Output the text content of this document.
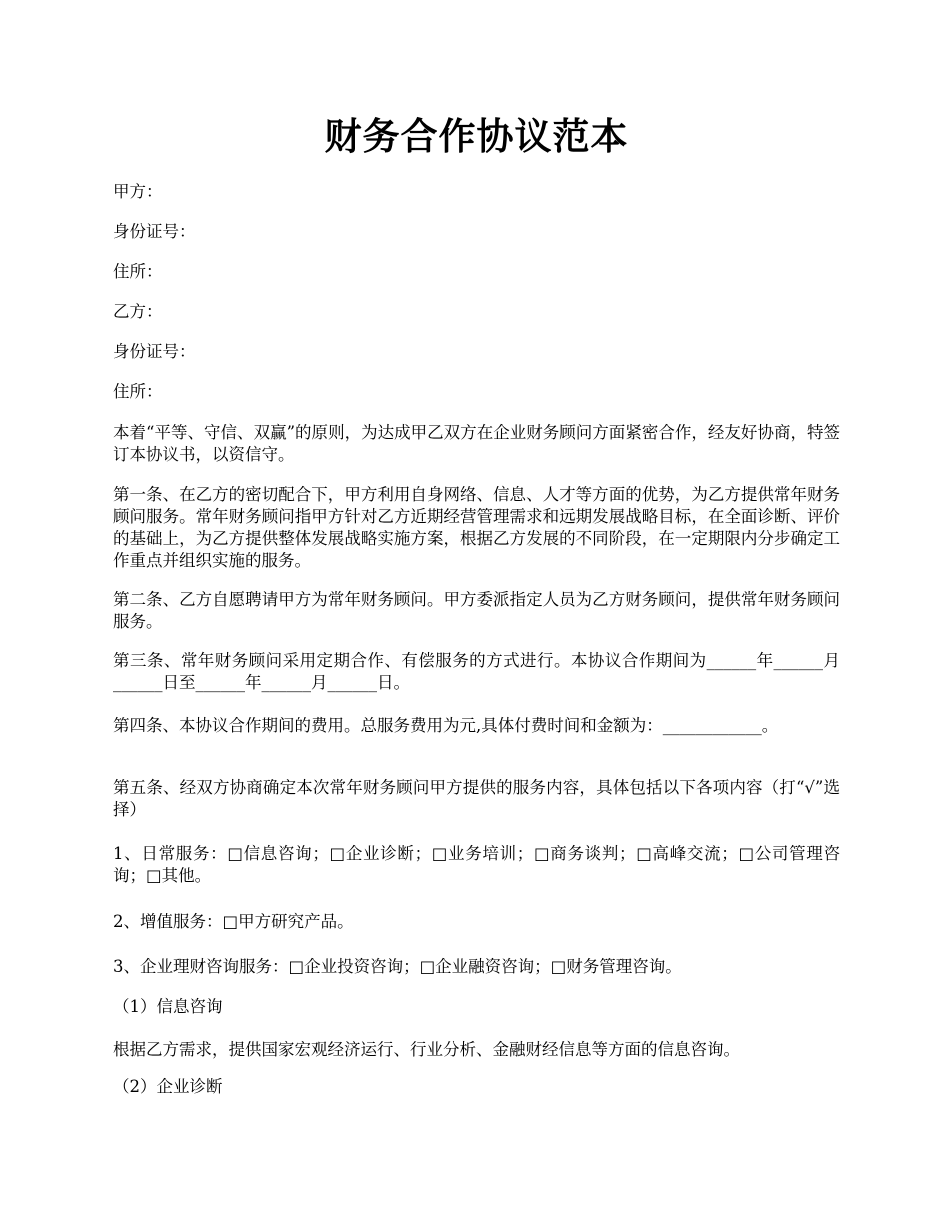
财务合作协议范本
甲方：
身份证号：
住所：
乙方：
身份证号：
住所：
本着“平等、守信、双赢”的原则，为达成甲乙双方在企业财务顾问方面紧密合作，经友好协商，特签订本协议书，以资信守。
第一条、在乙方的密切配合下，甲方利用自身网络、信息、人才等方面的优势，为乙方提供常年财务顾问服务。常年财务顾问指甲方针对乙方近期经营管理需求和远期发展战略目标，在全面诊断、评价的基础上，为乙方提供整体发展战略实施方案，根据乙方发展的不同阶段，在一定期限内分步确定工作重点并组织实施的服务。
第二条、乙方自愿聘请甲方为常年财务顾问。甲方委派指定人员为乙方财务顾问，提供常年财务顾问服务。
第三条、常年财务顾问采用定期合作、有偿服务的方式进行。本协议合作期间为______年______月______日至______年______月______日。
第四条、本协议合作期间的费用。总服务费用为元,具体付费时间和金额为：____________。
第五条、经双方协商确定本次常年财务顾问甲方提供的服务内容，具体包括以下各项内容（打“√”选择）
1、日常服务：□信息咨询；□企业诊断；□业务培训；□商务谈判；□高峰交流；□公司管理咨询；□其他。
2、增值服务：□甲方研究产品。
3、企业理财咨询服务：□企业投资咨询；□企业融资咨询；□财务管理咨询。
（1）信息咨询
根据乙方需求，提供国家宏观经济运行、行业分析、金融财经信息等方面的信息咨询。
（2）企业诊断
